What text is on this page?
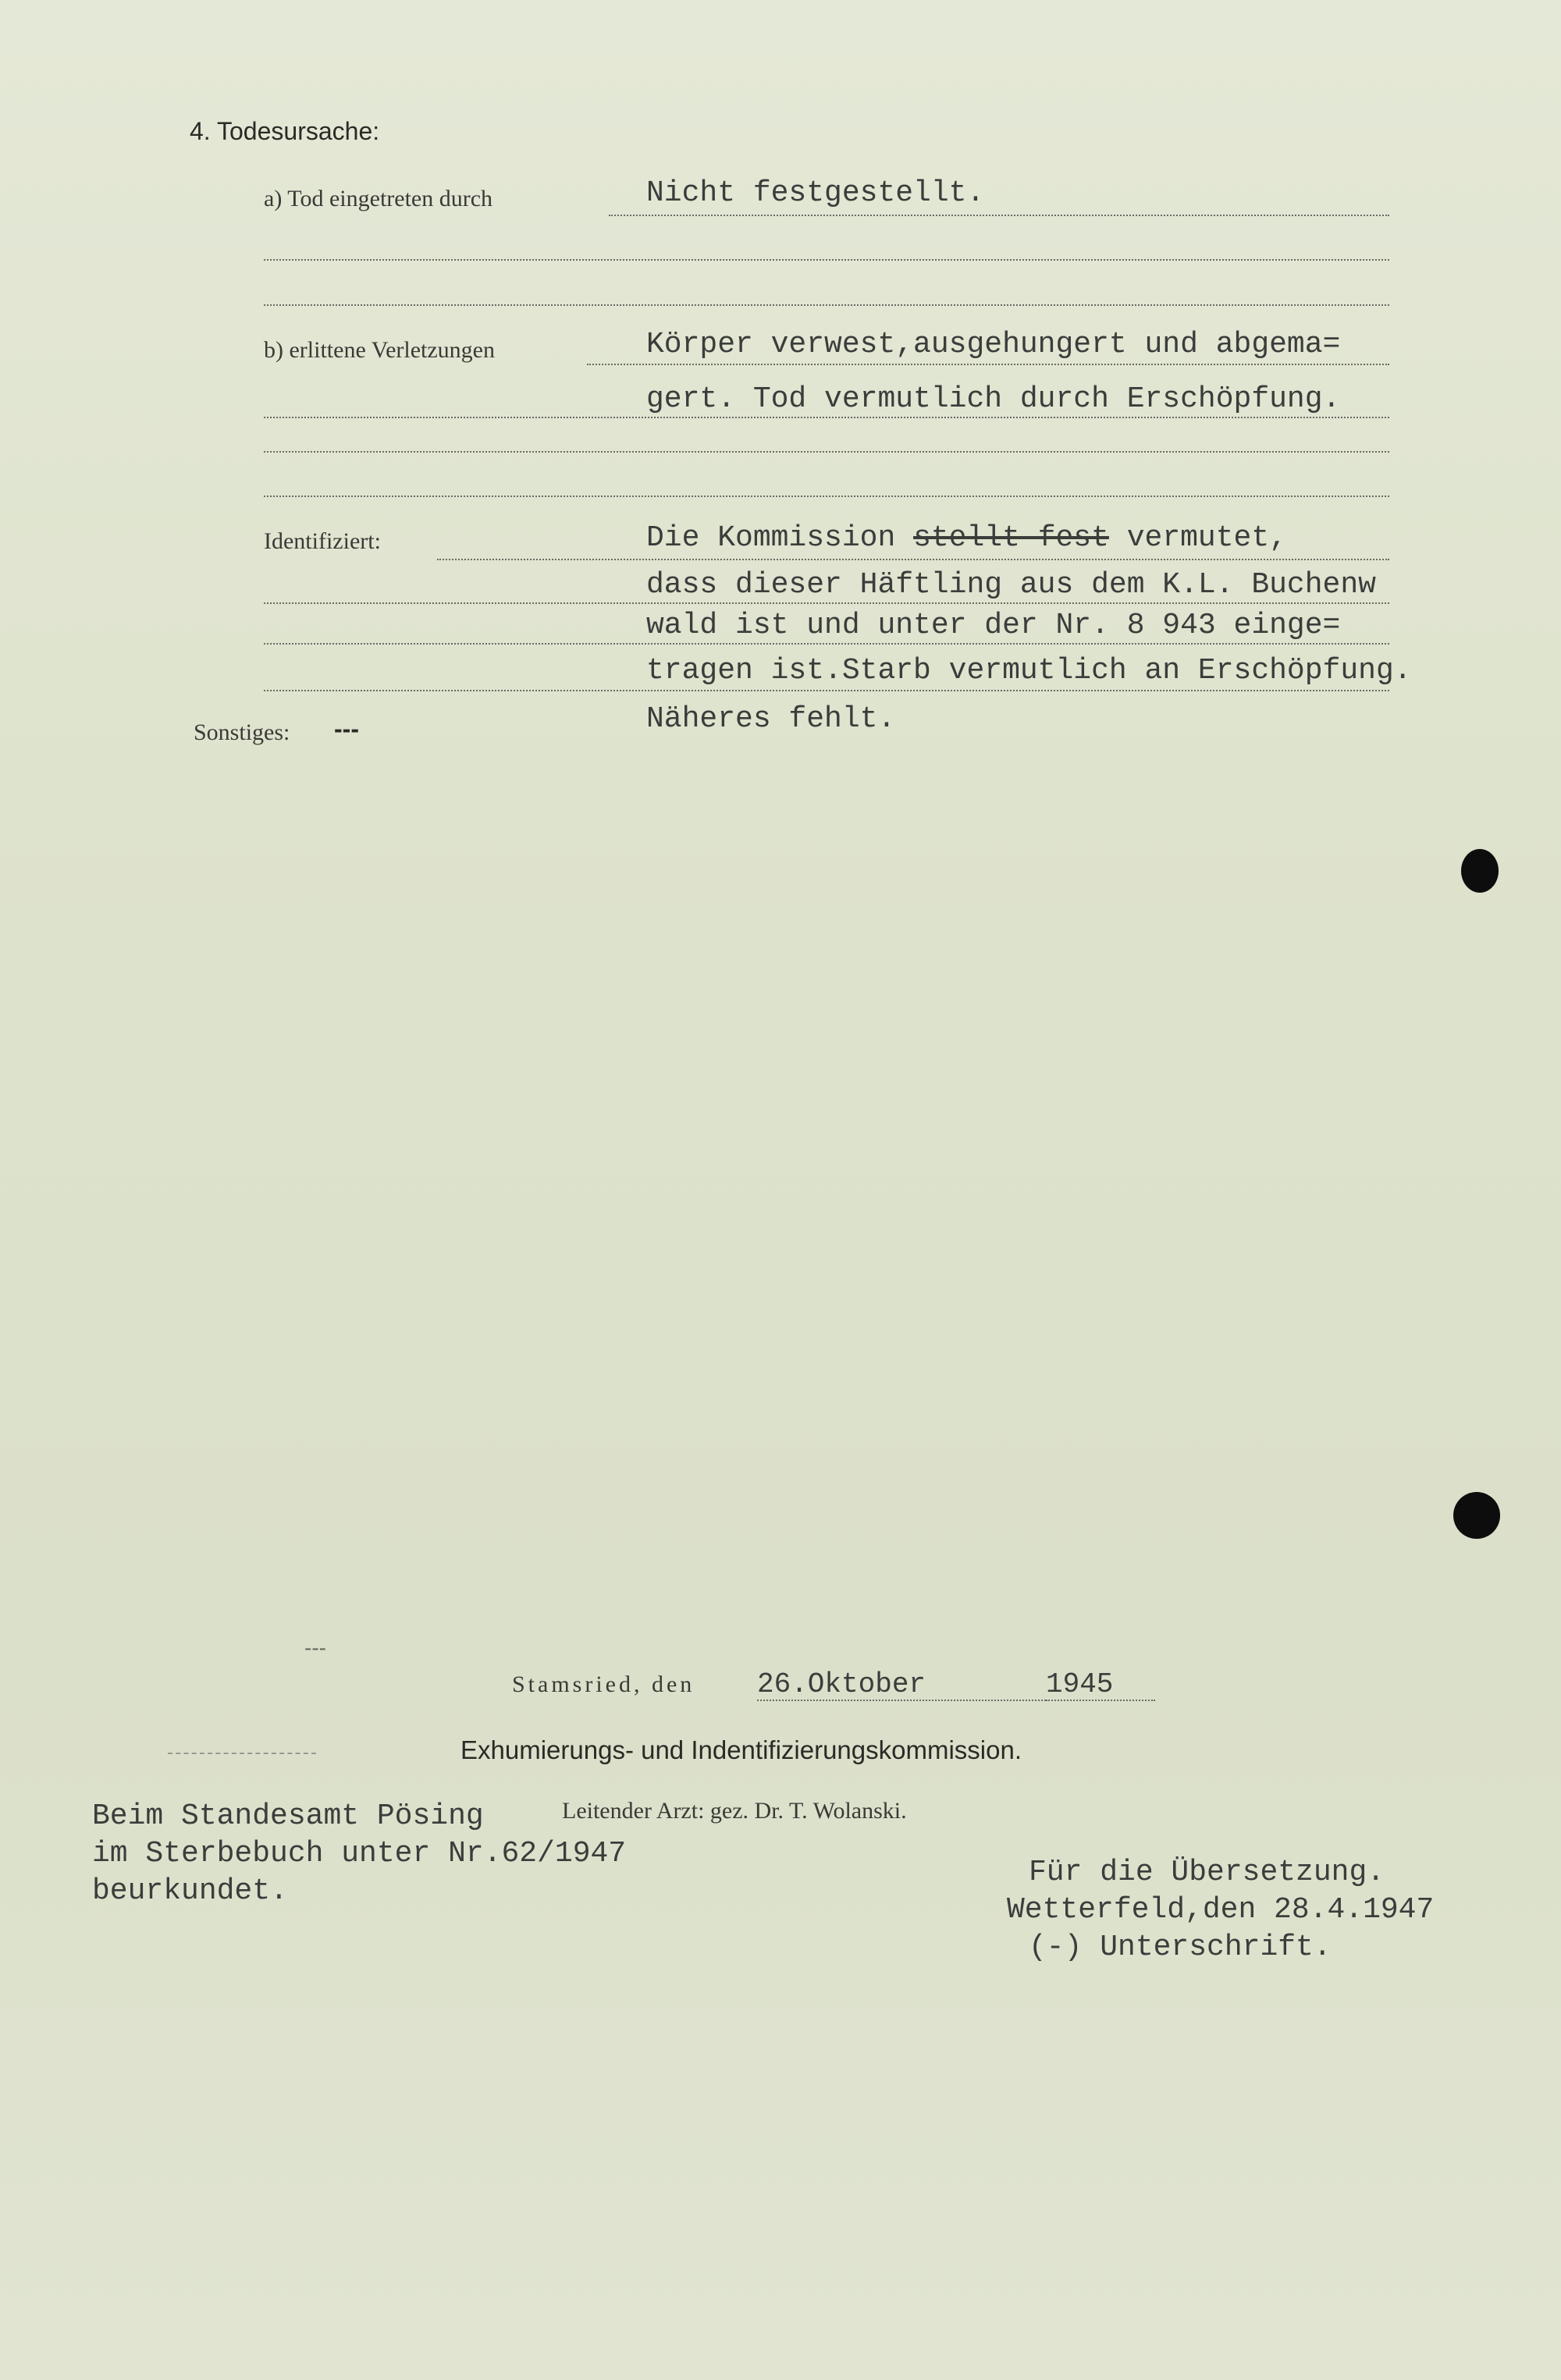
4. Todesursache:
a) Tod eingetreten durch	Nicht festgestellt.
b) erlittene Verletzungen	Körper verwest,ausgehungert und abgema=
gert. Tod vermutlich durch Erschöpfung.
Identifiziert:	Die Kommission stellt-fest vermutet,
dass dieser Häftling aus dem K.L. Buchenw
wald ist und unter der Nr. 8 943 einge=
tragen ist.Starb vermutlich an Erschöpfung.
Näheres fehlt.
Sonstiges: ---
---
Stamsried, den 26.Oktober	1945
Exhumierungs- und Indentifizierungskommission.
Beim Standesamt Pösing
im Sterbebuch unter Nr.62/1947
beurkundet.
Leitender Arzt: gez. Dr. T. Wolanski.
Für die Übersetzung.
Wetterfeld,den 28.4.1947
(-) Unterschrift.
